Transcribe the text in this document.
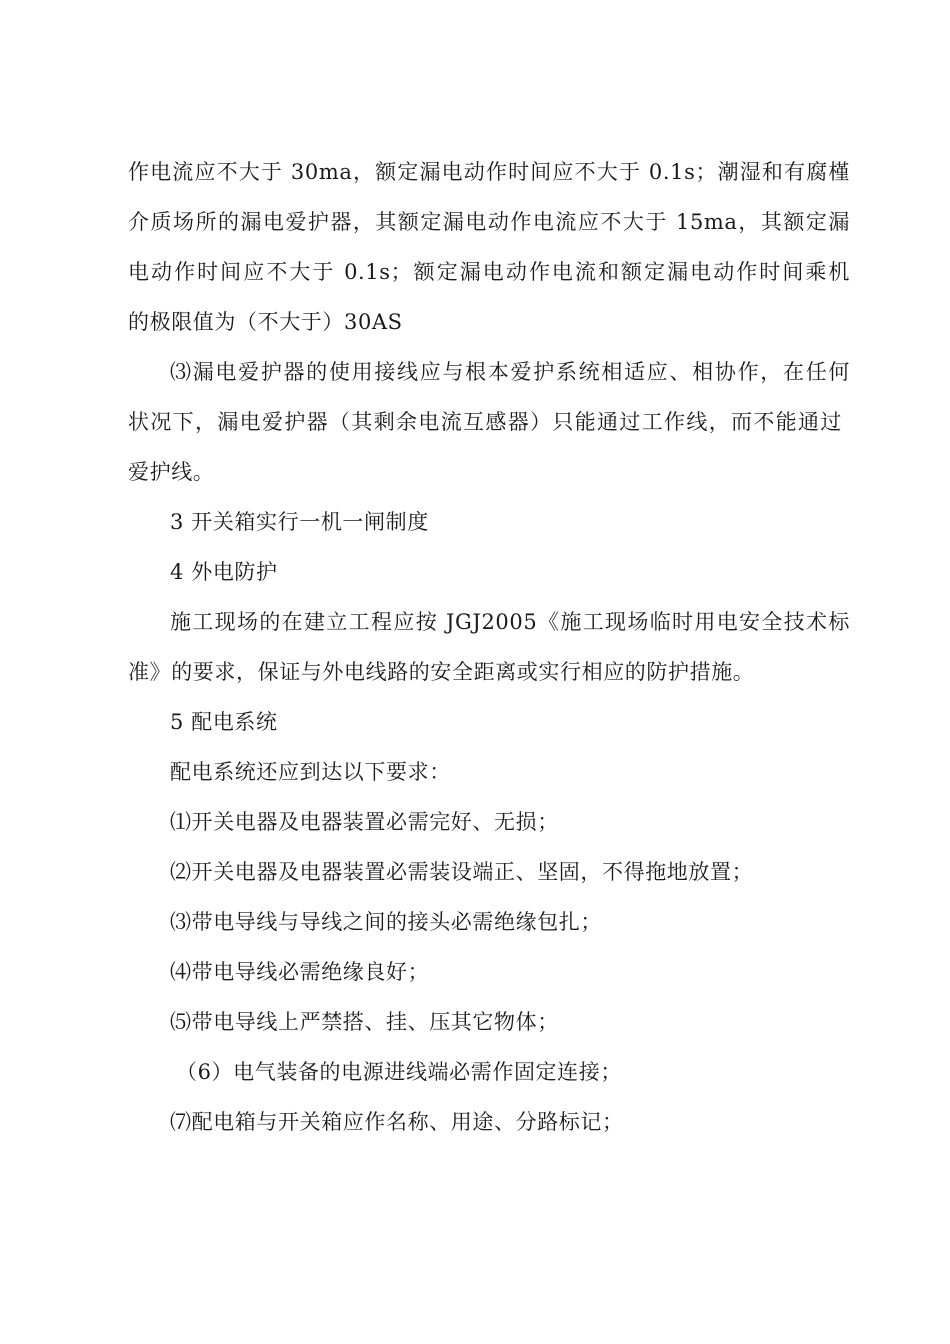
作电流应不大于 30ma，额定漏电动作时间应不大于 0.1s；潮湿和有腐槿
介质场所的漏电爱护器，其额定漏电动作电流应不大于 15ma，其额定漏
电动作时间应不大于 0.1s；额定漏电动作电流和额定漏电动作时间乘机
的极限值为（不大于）30AS
⑶漏电爱护器的使用接线应与根本爱护系统相适应、相协作，在任何
状况下，漏电爱护器（其剩余电流互感器）只能通过工作线，而不能通过
爱护线。
3 开关箱实行一机一闸制度
4 外电防护
施工现场的在建立工程应按 JGJ2005《施工现场临时用电安全技术标
准》的要求，保证与外电线路的安全距离或实行相应的防护措施。
5 配电系统
配电系统还应到达以下要求：
⑴开关电器及电器装置必需完好、无损；
⑵开关电器及电器装置必需装设端正、坚固，不得拖地放置；
⑶带电导线与导线之间的接头必需绝缘包扎；
⑷带电导线必需绝缘良好；
⑸带电导线上严禁搭、挂、压其它物体；
（6）电气装备的电源进线端必需作固定连接；
⑺配电箱与开关箱应作名称、用途、分路标记；
